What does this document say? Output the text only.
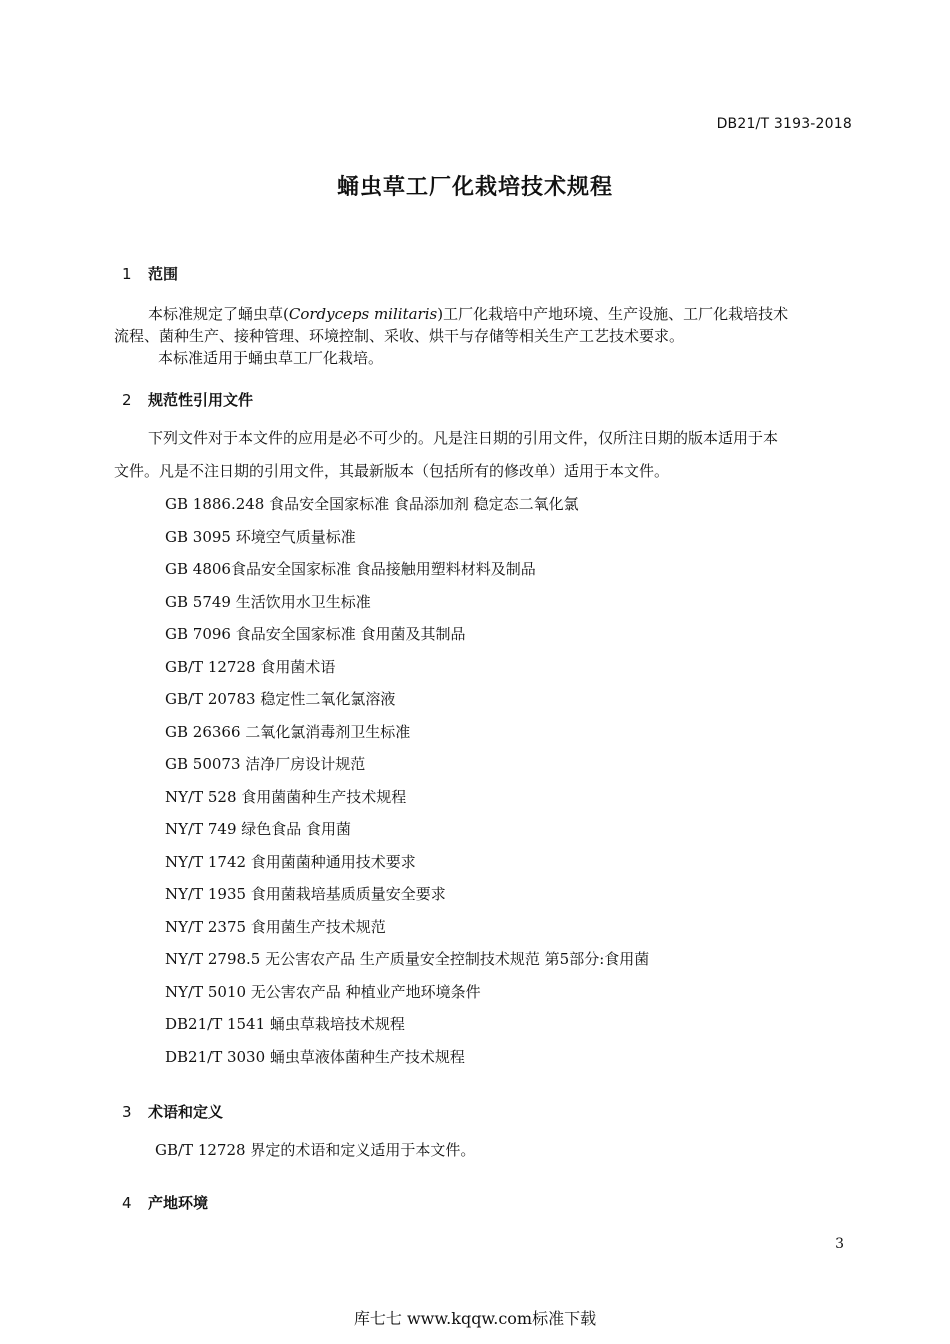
DB21/T 3193-2018
蛹虫草工厂化栽培技术规程
1 范围
本标准规定了蛹虫草(Cordyceps militaris)工厂化栽培中产地环境、生产设施、工厂化栽培技术
流程、菌种生产、接种管理、环境控制、采收、烘干与存储等相关生产工艺技术要求。
本标准适用于蛹虫草工厂化栽培。
2 规范性引用文件
下列文件对于本文件的应用是必不可少的。凡是注日期的引用文件，仅所注日期的版本适用于本
文件。凡是不注日期的引用文件，其最新版本（包括所有的修改单）适用于本文件。
GB 1886.248 食品安全国家标准 食品添加剂 稳定态二氧化氯
GB 3095 环境空气质量标准
GB 4806食品安全国家标准 食品接触用塑料材料及制品
GB 5749 生活饮用水卫生标准
GB 7096 食品安全国家标准 食用菌及其制品
GB/T 12728 食用菌术语
GB/T 20783 稳定性二氧化氯溶液
GB 26366 二氧化氯消毒剂卫生标准
GB 50073 洁净厂房设计规范
NY/T 528 食用菌菌种生产技术规程
NY/T 749 绿色食品 食用菌
NY/T 1742 食用菌菌种通用技术要求
NY/T 1935 食用菌栽培基质质量安全要求
NY/T 2375 食用菌生产技术规范
NY/T 2798.5 无公害农产品 生产质量安全控制技术规范 第5部分:食用菌
NY/T 5010 无公害农产品 种植业产地环境条件
DB21/T 1541 蛹虫草栽培技术规程
DB21/T 3030 蛹虫草液体菌种生产技术规程
3 术语和定义
GB/T 12728 界定的术语和定义适用于本文件。
4 产地环境
3
库七七 www.kqqw.com标准下载
